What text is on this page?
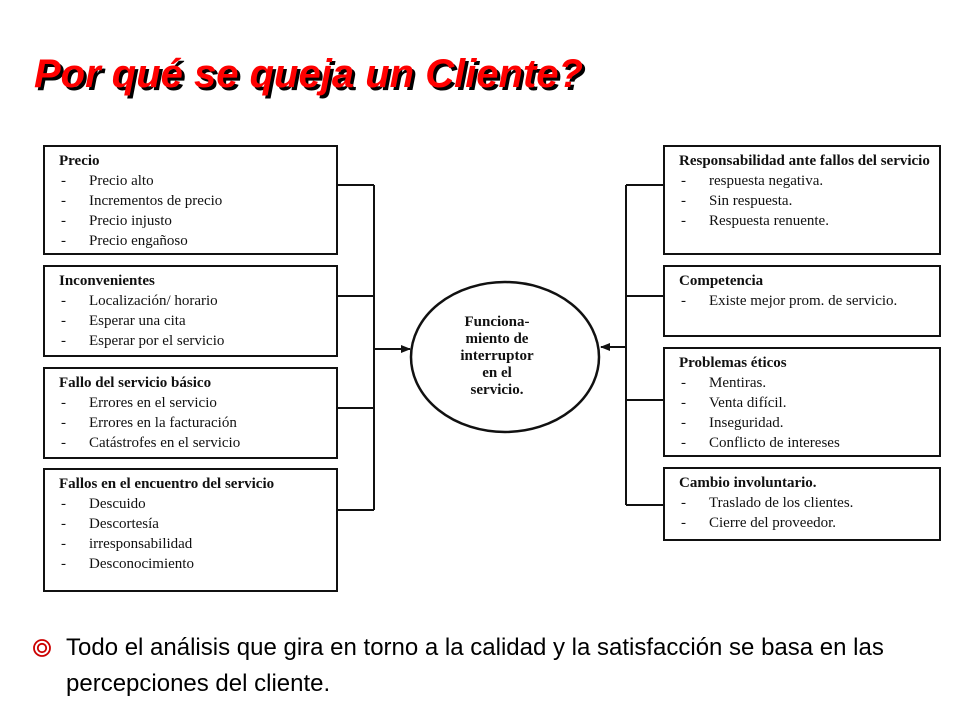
Por qué se queja un Cliente?
Funciona-
miento de
interruptor
en el
servicio.

Precio

- Precio alto
- Incrementos de precio
- Precio injusto
- Precio engañoso

Inconvenientes

- Localización/ horario
- Esperar una cita
- Esperar por el servicio

Fallo del servicio básico

- Errores en el servicio
- Errores en la facturación
- Catástrofes en el servicio

Fallos en el encuentro del servicio

- Descuido
- Descortesía
- irresponsabilidad
- Desconocimiento

Responsabilidad ante fallos del servicio

- respuesta negativa.
- Sin respuesta.
- Respuesta renuente.

Competencia

- Existe mejor prom. de servicio.

Problemas éticos

- Mentiras.
- Venta difícil.
- Inseguridad.
- Conflicto de intereses

Cambio involuntario.

- Traslado de los clientes.
- Cierre del proveedor.
Todo el análisis que gira en torno a la calidad y la satisfacción se basa en las percepciones del cliente.
